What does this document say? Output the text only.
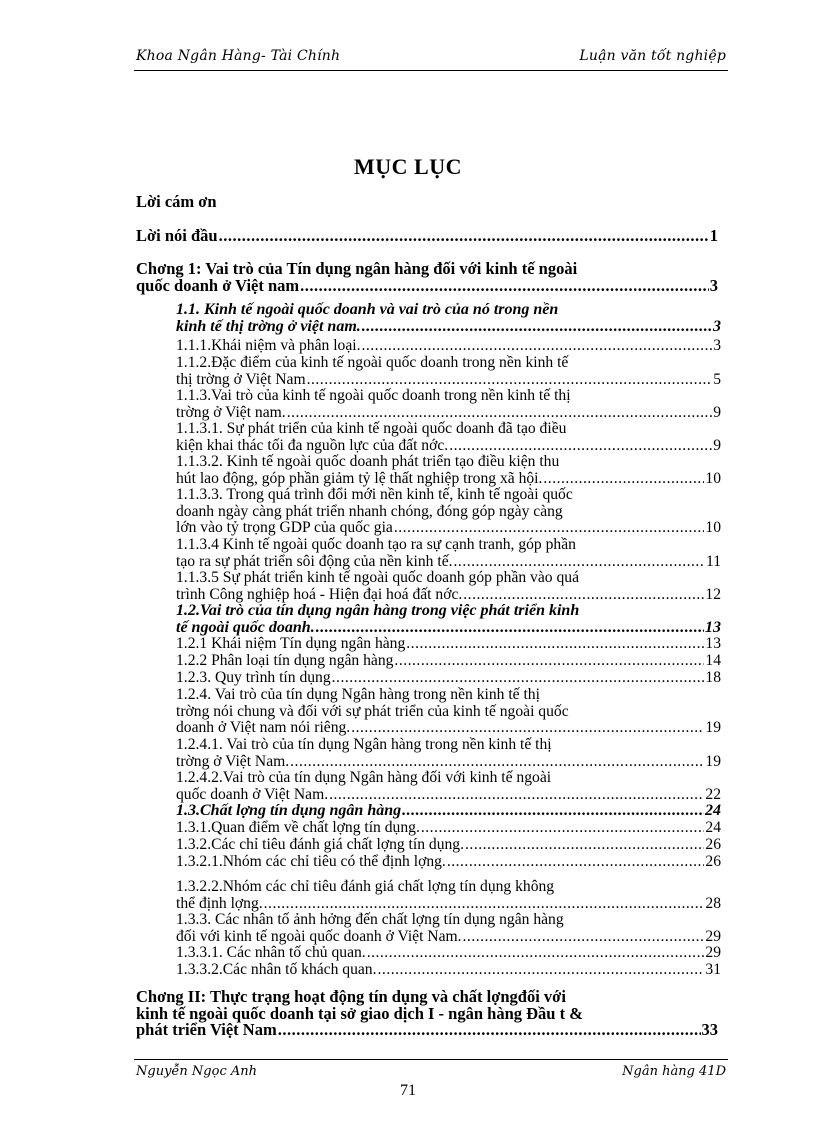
Khoa Ngân Hàng- Tài Chính	Luận văn tốt nghiệp
MỤC LỤC
Lời cám ơn
Lời nói đầu .....	1
Chơng 1: Vai trò của Tín dụng ngân hàng đối với kinh tế ngoài
quốc doanh ở Việt nam .....	3
1.1. Kinh tế ngoài quốc doanh và vai trò của nó trong nền
kinh tế thị trờng ở việt nam. .....	3
1.1.1.Khái niệm và phân loại. .....	3
1.1.2.Đặc điểm của kinh tế ngoài quốc doanh trong nền kinh tế
thị trờng ở Việt Nam .....	5
1.1.3.Vai trò của kinh tế ngoài quốc doanh trong nền kinh tế thị
trờng ở Việt nam. .....	9
1.1.3.1. Sự phát triển của kinh tế ngoài quốc doanh đã tạo điều
kiện khai thác tối đa nguồn lực của đất nớc. .....	9
1.1.3.2. Kinh tế ngoài quốc doanh phát triển tạo điều kiện thu
hút lao động, góp phần giảm tỷ lệ thất nghiệp trong xã hội. .....	10
1.1.3.3. Trong quá trình đổi mới nền kinh tế, kinh tế ngoài quốc
doanh ngày càng phát triển nhanh chóng, đóng góp ngày càng
lớn vào tỷ trọng GDP của quốc gia .....	10
1.1.3.4 Kinh tế ngoài quốc doanh tạo ra sự cạnh tranh, góp phần
tạo ra sự phát triển sôi động của nền kinh tế. .....	11
1.1.3.5 Sự phát triển kinh tế ngoài quốc doanh góp phần vào quá
trình Công nghiệp hoá - Hiện đại hoá đất nớc. .....	12
1.2.Vai trò của tín dụng ngân hàng trong việc phát triển kinh
tế ngoài quốc doanh. .....	13
1.2.1 Khái niệm Tín dụng ngân hàng .....	13
1.2.2 Phân loại tín dụng ngân hàng .....	14
1.2.3. Quy trình tín dụng .....	18
1.2.4. Vai trò của tín dụng Ngân hàng trong nền kinh tế thị
trờng nói chung và đối với sự phát triển của kinh tế ngoài quốc
doanh ở Việt nam nói riêng. .....	19
1.2.4.1. Vai trò của tín dụng Ngân hàng trong nền kinh tế thị
trờng ở Việt Nam. .....	19
1.2.4.2.Vai trò của tín dụng Ngân hàng đối với kinh tế ngoài
quốc doanh ở Việt Nam. .....	22
1.3.Chất lợng tín dụng ngân hàng .....	24
1.3.1.Quan điểm về chất lợng tín dụng. .....	24
1.3.2.Các chỉ tiêu đánh giá chất lợng tín dụng. .....	26
1.3.2.1.Nhóm các chỉ tiêu có thể định lợng. .....	26
1.3.2.2.Nhóm các chỉ tiêu đánh giá chất lợng tín dụng không
thể định lợng. .....	28
1.3.3. Các nhân tố ảnh hởng đến chất lợng tín dụng ngân hàng
đối với kinh tế ngoài quốc doanh ở Việt Nam. .....	29
1.3.3.1. Các nhân tố chủ quan. .....	29
1.3.3.2.Các nhân tố khách quan. .....	31
Chơng II: Thực trạng hoạt động tín dụng và chất lợngđối với
kinh tế ngoài quốc doanh tại sở giao dịch I - ngân hàng Đầu t &
phát triển Việt Nam .....	33
Nguyễn Ngọc Anh	Ngân hàng 41D
71
